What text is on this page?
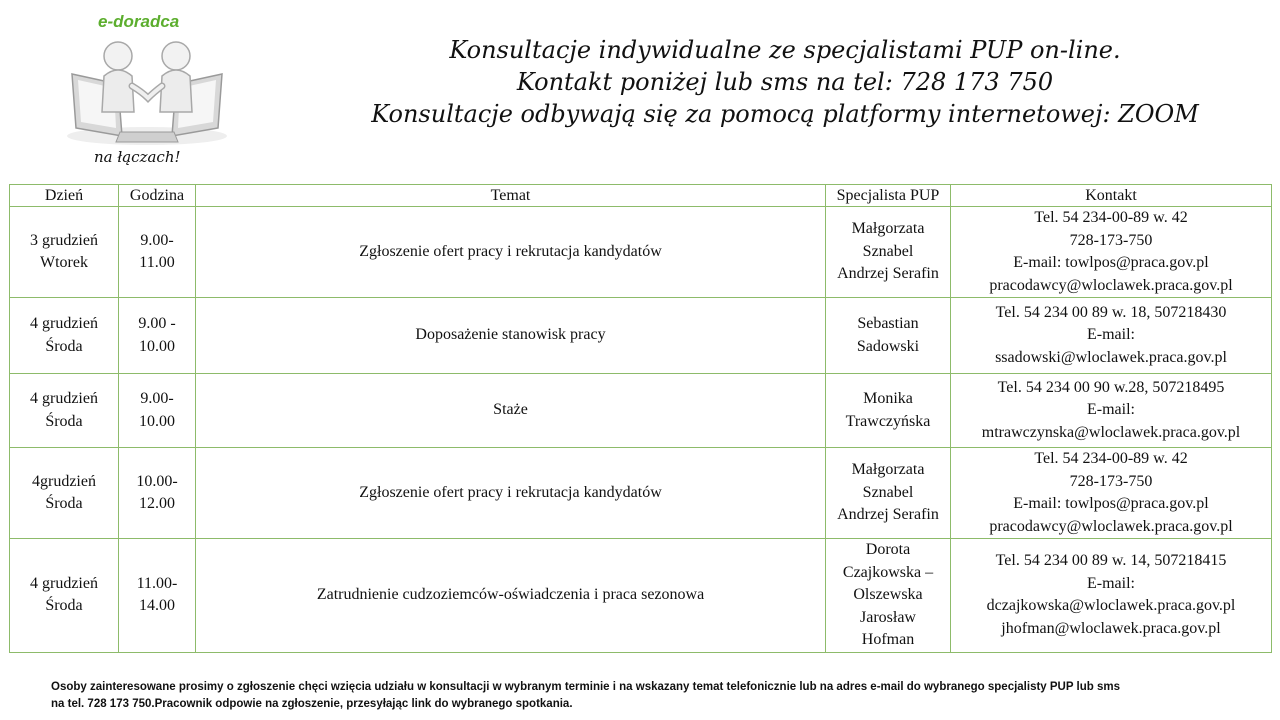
e-doradca
na łączach!
Konsultacje indywidualne ze specjalistami PUP on-line.
Kontakt poniżej lub sms na tel: 728 173 750
Konsultacje odbywają się za pomocą platformy internetowej: ZOOM
Dzień	Godzina	Temat	Specjalista PUP	Kontakt

3 grudzień
Wtorek	9.00-
11.00	Zgłoszenie ofert pracy i rekrutacja kandydatów	Małgorzata
Sznabel
Andrzej Serafin	Tel. 54 234-00-89 w. 42
728-173-750
E-mail: towlpos@praca.gov.pl
pracodawcy@wloclawek.praca.gov.pl

4 grudzień
Środa	9.00 -
10.00	Doposażenie stanowisk pracy	Sebastian
Sadowski	Tel. 54 234 00 89 w. 18, 507218430
E-mail:
ssadowski@wloclawek.praca.gov.pl

4 grudzień
Środa	9.00-
10.00	Staże	Monika
Trawczyńska	Tel. 54 234 00 90 w.28, 507218495
E-mail:
mtrawczynska@wloclawek.praca.gov.pl

4grudzień
Środa	10.00-
12.00	Zgłoszenie ofert pracy i rekrutacja kandydatów	Małgorzata
Sznabel
Andrzej Serafin	Tel. 54 234-00-89 w. 42
728-173-750
E-mail: towlpos@praca.gov.pl
pracodawcy@wloclawek.praca.gov.pl

4 grudzień
Środa	11.00-
14.00	Zatrudnienie cudzoziemców-oświadczenia i praca sezonowa	Dorota
Czajkowska –
Olszewska
Jarosław
Hofman	Tel. 54 234 00 89 w. 14, 507218415
E-mail:
dczajkowska@wloclawek.praca.gov.pl
jhofman@wloclawek.praca.gov.pl
Osoby zainteresowane prosimy o zgłoszenie chęci wzięcia udziału w konsultacji w wybranym terminie i na wskazany temat telefonicznie lub na adres e-mail do wybranego specjalisty PUP lub sms
na tel. 728 173 750.Pracownik odpowie na zgłoszenie, przesyłając link do wybranego spotkania.
